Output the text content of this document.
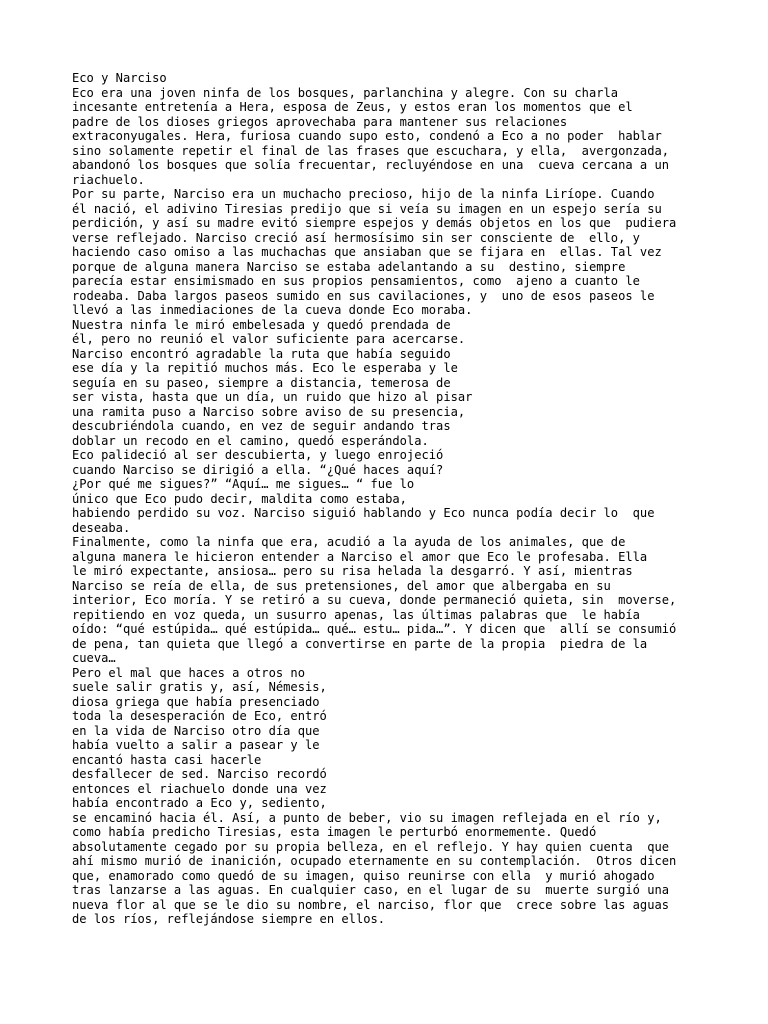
Eco y Narciso
Eco era una joven ninfa de los bosques, parlanchina y alegre. Con su charla
incesante entretenía a Hera, esposa de Zeus, y estos eran los momentos que el
padre de los dioses griegos aprovechaba para mantener sus relaciones
extraconyugales. Hera, furiosa cuando supo esto, condenó a Eco a no poder  hablar
sino solamente repetir el final de las frases que escuchara, y ella,  avergonzada,
abandonó los bosques que solía frecuentar, recluyéndose en una  cueva cercana a un
riachuelo.
Por su parte, Narciso era un muchacho precioso, hijo de la ninfa Liríope. Cuando
él nació, el adivino Tiresias predijo que si veía su imagen en un espejo sería su
perdición, y así su madre evitó siempre espejos y demás objetos en los que  pudiera
verse reflejado. Narciso creció así hermosísimo sin ser consciente de  ello, y
haciendo caso omiso a las muchachas que ansiaban que se fijara en  ellas. Tal vez
porque de alguna manera Narciso se estaba adelantando a su  destino, siempre
parecía estar ensimismado en sus propios pensamientos, como  ajeno a cuanto le
rodeaba. Daba largos paseos sumido en sus cavilaciones, y  uno de esos paseos le
llevó a las inmediaciones de la cueva donde Eco moraba.
Nuestra ninfa le miró embelesada y quedó prendada de
él, pero no reunió el valor suficiente para acercarse.
Narciso encontró agradable la ruta que había seguido
ese día y la repitió muchos más. Eco le esperaba y le
seguía en su paseo, siempre a distancia, temerosa de
ser vista, hasta que un día, un ruido que hizo al pisar
una ramita puso a Narciso sobre aviso de su presencia,
descubriéndola cuando, en vez de seguir andando tras
doblar un recodo en el camino, quedó esperándola.
Eco palideció al ser descubierta, y luego enrojeció
cuando Narciso se dirigió a ella. “¿Qué haces aquí?
¿Por qué me sigues?” “Aquí… me sigues… “ fue lo
único que Eco pudo decir, maldita como estaba,
habiendo perdido su voz. Narciso siguió hablando y Eco nunca podía decir lo  que
deseaba.
Finalmente, como la ninfa que era, acudió a la ayuda de los animales, que de
alguna manera le hicieron entender a Narciso el amor que Eco le profesaba. Ella
le miró expectante, ansiosa… pero su risa helada la desgarró. Y así, mientras
Narciso se reía de ella, de sus pretensiones, del amor que albergaba en su
interior, Eco moría. Y se retiró a su cueva, donde permaneció quieta, sin  moverse,
repitiendo en voz queda, un susurro apenas, las últimas palabras que  le había
oído: “qué estúpida… qué estúpida… qué… estu… pida…”. Y dicen que  allí se consumió
de pena, tan quieta que llegó a convertirse en parte de la propia  piedra de la
cueva…
Pero el mal que haces a otros no
suele salir gratis y, así, Némesis,
diosa griega que había presenciado
toda la desesperación de Eco, entró
en la vida de Narciso otro día que
había vuelto a salir a pasear y le
encantó hasta casi hacerle
desfallecer de sed. Narciso recordó
entonces el riachuelo donde una vez
había encontrado a Eco y, sediento,
se encaminó hacia él. Así, a punto de beber, vio su imagen reflejada en el río y,
como había predicho Tiresias, esta imagen le perturbó enormemente. Quedó
absolutamente cegado por su propia belleza, en el reflejo. Y hay quien cuenta  que
ahí mismo murió de inanición, ocupado eternamente en su contemplación.  Otros dicen
que, enamorado como quedó de su imagen, quiso reunirse con ella  y murió ahogado
tras lanzarse a las aguas. En cualquier caso, en el lugar de su  muerte surgió una
nueva flor al que se le dio su nombre, el narciso, flor que  crece sobre las aguas
de los ríos, reflejándose siempre en ellos.
